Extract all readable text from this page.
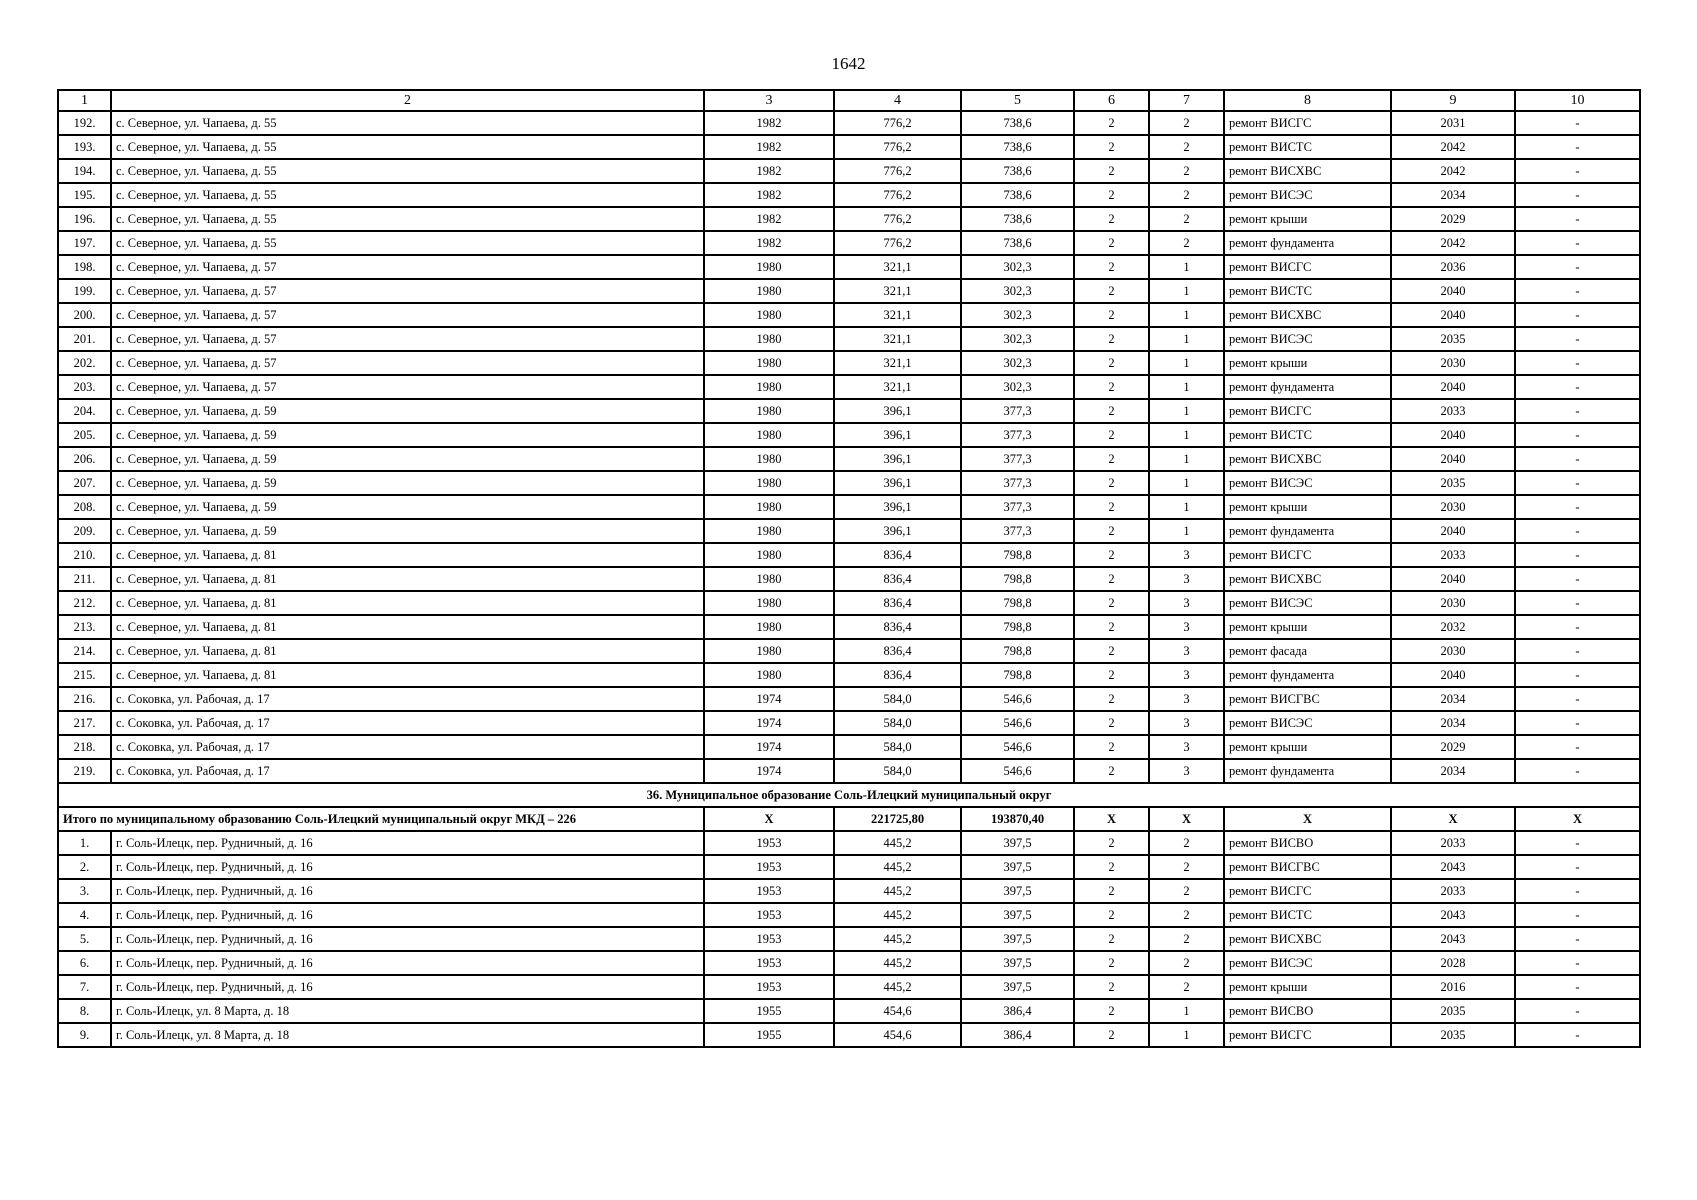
1642
1	2	3	4	5	6	7	8	9	10
192.	с. Северное, ул. Чапаева, д. 55	1982	776,2	738,6	2	2	ремонт ВИСГС	2031	-
193.	с. Северное, ул. Чапаева, д. 55	1982	776,2	738,6	2	2	ремонт ВИСТС	2042	-
194.	с. Северное, ул. Чапаева, д. 55	1982	776,2	738,6	2	2	ремонт ВИСХВС	2042	-
195.	с. Северное, ул. Чапаева, д. 55	1982	776,2	738,6	2	2	ремонт ВИСЭС	2034	-
196.	с. Северное, ул. Чапаева, д. 55	1982	776,2	738,6	2	2	ремонт крыши	2029	-
197.	с. Северное, ул. Чапаева, д. 55	1982	776,2	738,6	2	2	ремонт фундамента	2042	-
198.	с. Северное, ул. Чапаева, д. 57	1980	321,1	302,3	2	1	ремонт ВИСГС	2036	-
199.	с. Северное, ул. Чапаева, д. 57	1980	321,1	302,3	2	1	ремонт ВИСТС	2040	-
200.	с. Северное, ул. Чапаева, д. 57	1980	321,1	302,3	2	1	ремонт ВИСХВС	2040	-
201.	с. Северное, ул. Чапаева, д. 57	1980	321,1	302,3	2	1	ремонт ВИСЭС	2035	-
202.	с. Северное, ул. Чапаева, д. 57	1980	321,1	302,3	2	1	ремонт крыши	2030	-
203.	с. Северное, ул. Чапаева, д. 57	1980	321,1	302,3	2	1	ремонт фундамента	2040	-
204.	с. Северное, ул. Чапаева, д. 59	1980	396,1	377,3	2	1	ремонт ВИСГС	2033	-
205.	с. Северное, ул. Чапаева, д. 59	1980	396,1	377,3	2	1	ремонт ВИСТС	2040	-
206.	с. Северное, ул. Чапаева, д. 59	1980	396,1	377,3	2	1	ремонт ВИСХВС	2040	-
207.	с. Северное, ул. Чапаева, д. 59	1980	396,1	377,3	2	1	ремонт ВИСЭС	2035	-
208.	с. Северное, ул. Чапаева, д. 59	1980	396,1	377,3	2	1	ремонт крыши	2030	-
209.	с. Северное, ул. Чапаева, д. 59	1980	396,1	377,3	2	1	ремонт фундамента	2040	-
210.	с. Северное, ул. Чапаева, д. 81	1980	836,4	798,8	2	3	ремонт ВИСГС	2033	-
211.	с. Северное, ул. Чапаева, д. 81	1980	836,4	798,8	2	3	ремонт ВИСХВС	2040	-
212.	с. Северное, ул. Чапаева, д. 81	1980	836,4	798,8	2	3	ремонт ВИСЭС	2030	-
213.	с. Северное, ул. Чапаева, д. 81	1980	836,4	798,8	2	3	ремонт крыши	2032	-
214.	с. Северное, ул. Чапаева, д. 81	1980	836,4	798,8	2	3	ремонт фасада	2030	-
215.	с. Северное, ул. Чапаева, д. 81	1980	836,4	798,8	2	3	ремонт фундамента	2040	-
216.	с. Соковка, ул. Рабочая, д. 17	1974	584,0	546,6	2	3	ремонт ВИСГВС	2034	-
217.	с. Соковка, ул. Рабочая, д. 17	1974	584,0	546,6	2	3	ремонт ВИСЭС	2034	-
218.	с. Соковка, ул. Рабочая, д. 17	1974	584,0	546,6	2	3	ремонт крыши	2029	-
219.	с. Соковка, ул. Рабочая, д. 17	1974	584,0	546,6	2	3	ремонт фундамента	2034	-
36. Муниципальное образование Соль-Илецкий муниципальный округ									
Итого по муниципальному образованию Соль-Илецкий муниципальный округ МКД – 226		Х	221725,80	193870,40	Х	Х	Х	Х	Х
1.	г. Соль-Илецк, пер. Рудничный, д. 16	1953	445,2	397,5	2	2	ремонт ВИСВО	2033	-
2.	г. Соль-Илецк, пер. Рудничный, д. 16	1953	445,2	397,5	2	2	ремонт ВИСГВС	2043	-
3.	г. Соль-Илецк, пер. Рудничный, д. 16	1953	445,2	397,5	2	2	ремонт ВИСГС	2033	-
4.	г. Соль-Илецк, пер. Рудничный, д. 16	1953	445,2	397,5	2	2	ремонт ВИСТС	2043	-
5.	г. Соль-Илецк, пер. Рудничный, д. 16	1953	445,2	397,5	2	2	ремонт ВИСХВС	2043	-
6.	г. Соль-Илецк, пер. Рудничный, д. 16	1953	445,2	397,5	2	2	ремонт ВИСЭС	2028	-
7.	г. Соль-Илецк, пер. Рудничный, д. 16	1953	445,2	397,5	2	2	ремонт крыши	2016	-
8.	г. Соль-Илецк, ул. 8 Марта, д. 18	1955	454,6	386,4	2	1	ремонт ВИСВО	2035	-
9.	г. Соль-Илецк, ул. 8 Марта, д. 18	1955	454,6	386,4	2	1	ремонт ВИСГС	2035	-
